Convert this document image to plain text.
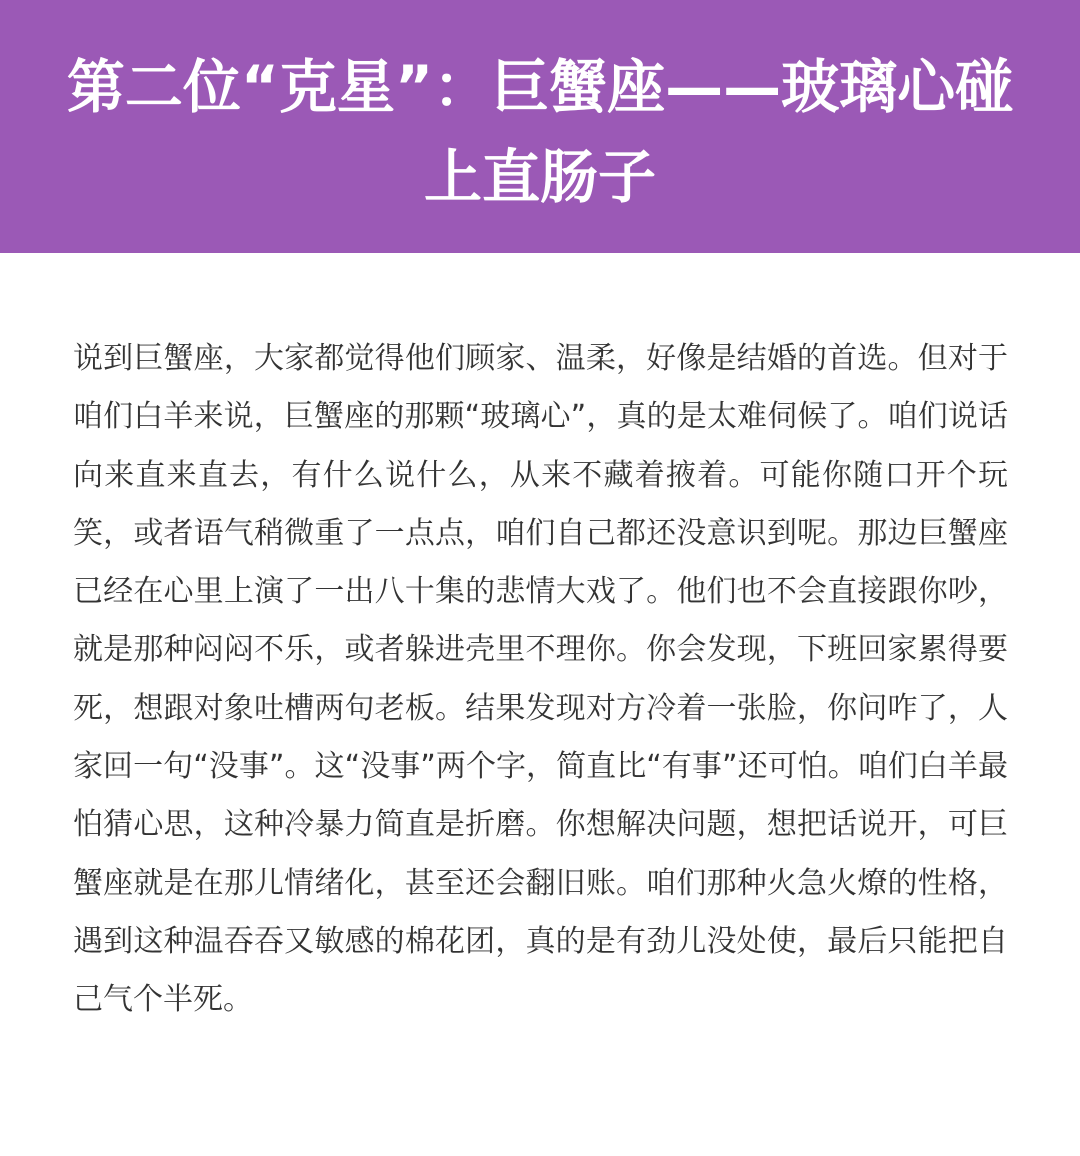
第二位“克星”：巨蟹座——玻璃心碰上直肠子

说到巨蟹座，大家都觉得他们顾家、温柔，好像是结婚的首选。但对于咱们白羊来说，巨蟹座的那颗“玻璃心”，真的是太难伺候了。咱们说话向来直来直去，有什么说什么，从来不藏着掖着。可能你随口开个玩笑，或者语气稍微重了一点点，咱们自己都还没意识到呢。那边巨蟹座已经在心里上演了一出八十集的悲情大戏了。他们也不会直接跟你吵，就是那种闷闷不乐，或者躲进壳里不理你。你会发现，下班回家累得要死，想跟对象吐槽两句老板。结果发现对方冷着一张脸，你问咋了，人家回一句“没事”。这“没事”两个字，简直比“有事”还可怕。咱们白羊最怕猜心思，这种冷暴力简直是折磨。你想解决问题，想把话说开，可巨蟹座就是在那儿情绪化，甚至还会翻旧账。咱们那种火急火燎的性格，遇到这种温吞吞又敏感的棉花团，真的是有劲儿没处使，最后只能把自己气个半死。
